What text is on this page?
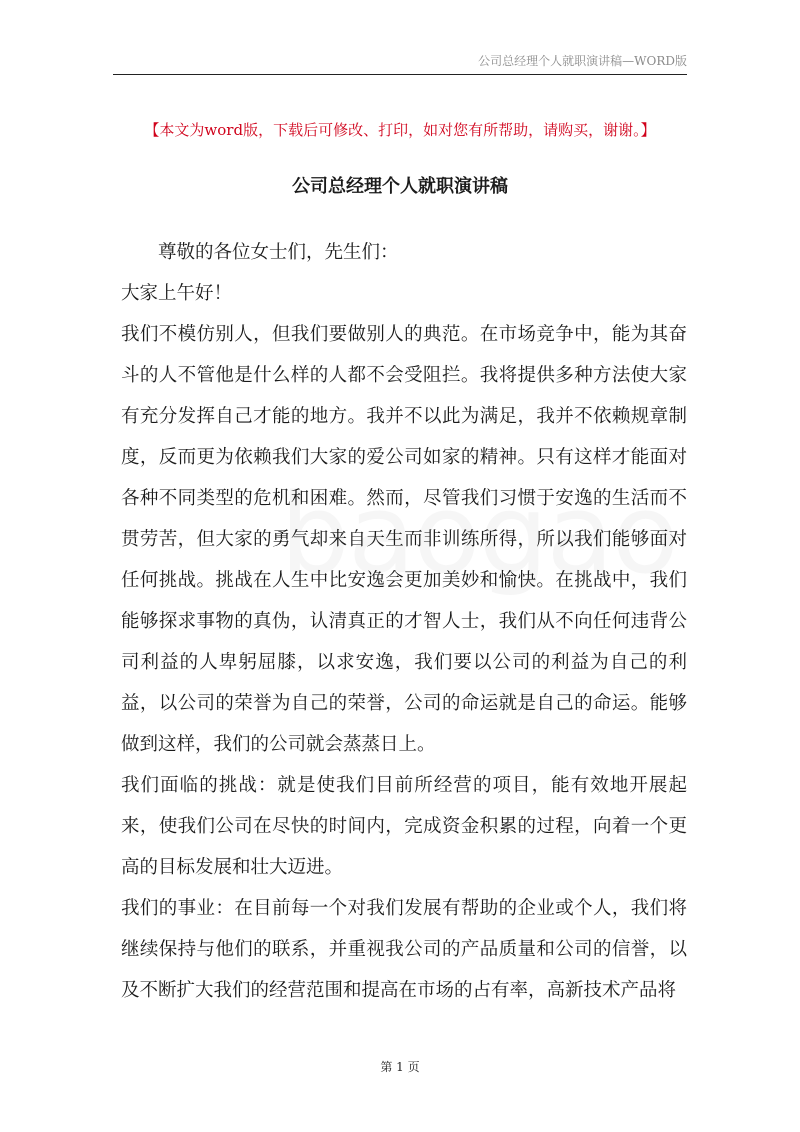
公司总经理个人就职演讲稿—WORD版
【本文为word版，下载后可修改、打印，如对您有所帮助，请购买，谢谢。】
公司总经理个人就职演讲稿

尊敬的各位女士们，先生们：

大家上午好！

我们不模仿别人，但我们要做别人的典范。在市场竞争中，能为其奋斗的人不管他是什么样的人都不会受阻拦。我将提供多种方法使大家有充分发挥自己才能的地方。我并不以此为满足，我并不依赖规章制度，反而更为依赖我们大家的爱公司如家的精神。只有这样才能面对各种不同类型的危机和困难。然而，尽管我们习惯于安逸的生活而不贯劳苦，但大家的勇气却来自天生而非训练所得，所以我们能够面对任何挑战。挑战在人生中比安逸会更加美妙和愉快。在挑战中，我们能够探求事物的真伪，认清真正的才智人士，我们从不向任何违背公司利益的人卑躬屈膝，以求安逸，我们要以公司的利益为自己的利益，以公司的荣誉为自己的荣誉，公司的命运就是自己的命运。能够做到这样，我们的公司就会蒸蒸日上。

我们面临的挑战：就是使我们目前所经营的项目，能有效地开展起来，使我们公司在尽快的时间内，完成资金积累的过程，向着一个更高的目标发展和壮大迈进。

我们的事业：在目前每一个对我们发展有帮助的企业或个人，我们将继续保持与他们的联系，并重视我公司的产品质量和公司的信誉，以及不断扩大我们的经营范围和提高在市场的占有率，高新技术产品将

第 1 页
